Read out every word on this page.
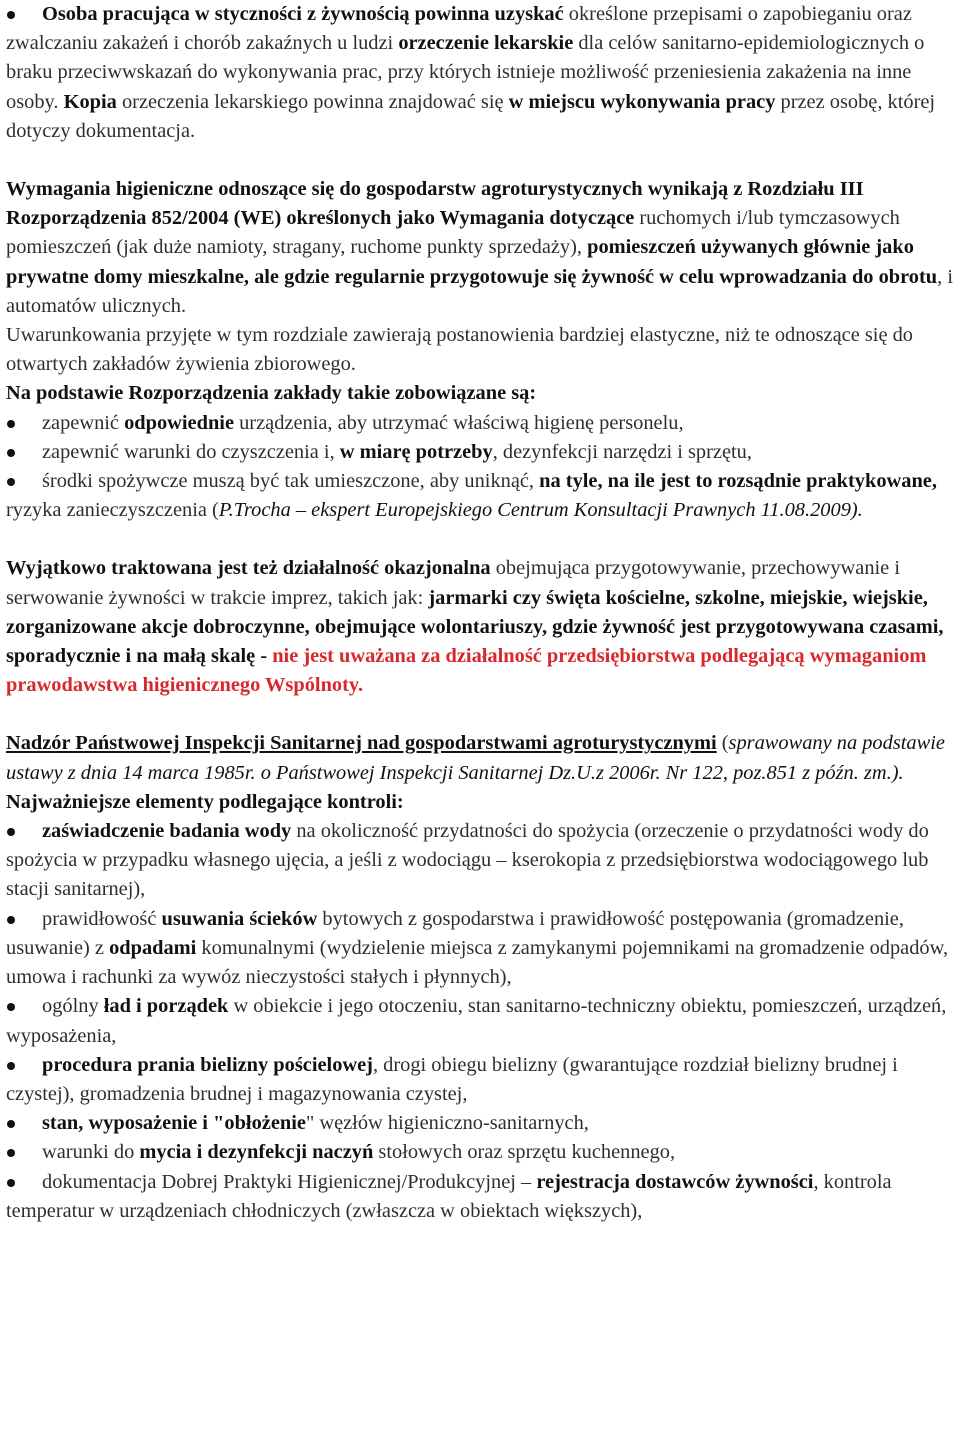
Osoba pracująca w styczności z żywnością powinna uzyskać określone przepisami o zapobieganiu oraz zwalczaniu zakażeń i chorób zakaźnych u ludzi orzeczenie lekarskie dla celów sanitarno-epidemiologicznych o braku przeciwwskazań do wykonywania prac, przy których istnieje możliwość przeniesienia zakażenia na inne osoby. Kopia orzeczenia lekarskiego powinna znajdować się w miejscu wykonywania pracy przez osobę, której dotyczy dokumentacja.

Wymagania higieniczne odnoszące się do gospodarstw agroturystycznych wynikają z Rozdziału III Rozporządzenia 852/2004 (WE) określonych jako Wymagania dotyczące ruchomych i/lub tymczasowych pomieszczeń (jak duże namioty, stragany, ruchome punkty sprzedaży), pomieszczeń używanych głównie jako prywatne domy mieszkalne, ale gdzie regularnie przygotowuje się żywność w celu wprowadzania do obrotu, i automatów ulicznych.

Uwarunkowania przyjęte w tym rozdziale zawierają postanowienia bardziej elastyczne, niż te odnoszące się do otwartych zakładów żywienia zbiorowego.

Na podstawie Rozporządzenia zakłady takie zobowiązane są:

zapewnić odpowiednie urządzenia, aby utrzymać właściwą higienę personelu,
zapewnić warunki do czyszczenia i, w miarę potrzeby, dezynfekcji narzędzi i sprzętu,
środki spożywcze muszą być tak umieszczone, aby uniknąć, na tyle, na ile jest to rozsądnie praktykowane, ryzyka zanieczyszczenia (P.Trocha – ekspert Europejskiego Centrum Konsultacji Prawnych 11.08.2009).

Wyjątkowo traktowana jest też działalność okazjonalna obejmująca przygotowywanie, przechowywanie i serwowanie żywności w trakcie imprez, takich jak: jarmarki czy święta kościelne, szkolne, miejskie, wiejskie, zorganizowane akcje dobroczynne, obejmujące wolontariuszy, gdzie żywność jest przygotowywana czasami, sporadycznie i na małą skalę - nie jest uważana za działalność przedsiębiorstwa podlegającą wymaganiom prawodawstwa higienicznego Wspólnoty.

Nadzór Państwowej Inspekcji Sanitarnej nad gospodarstwami agroturystycznymi (sprawowany na podstawie ustawy z dnia 14 marca 1985r. o Państwowej Inspekcji Sanitarnej Dz.U.z 2006r. Nr 122, poz.851 z późn. zm.).

Najważniejsze elementy podlegające kontroli:

zaświadczenie badania wody na okoliczność przydatności do spożycia (orzeczenie o przydatności wody do spożycia w przypadku własnego ujęcia, a jeśli z wodociągu – kserokopia z przedsiębiorstwa wodociągowego lub stacji sanitarnej),
prawidłowość usuwania ścieków bytowych z gospodarstwa i prawidłowość postępowania (gromadzenie, usuwanie) z odpadami komunalnymi (wydzielenie miejsca z zamykanymi pojemnikami na gromadzenie odpadów, umowa i rachunki za wywóz nieczystości stałych i płynnych),
ogólny ład i porządek w obiekcie i jego otoczeniu, stan sanitarno-techniczny obiektu, pomieszczeń, urządzeń, wyposażenia,
procedura prania bielizny pościelowej, drogi obiegu bielizny (gwarantujące rozdział bielizny brudnej i czystej), gromadzenia brudnej i magazynowania czystej,
stan, wyposażenie i "obłożenie" węzłów higieniczno-sanitarnych,
warunki do mycia i dezynfekcji naczyń stołowych oraz sprzętu kuchennego,
dokumentacja Dobrej Praktyki Higienicznej/Produkcyjnej – rejestracja dostawców żywności, kontrola temperatur w urządzeniach chłodniczych (zwłaszcza w obiektach większych),
